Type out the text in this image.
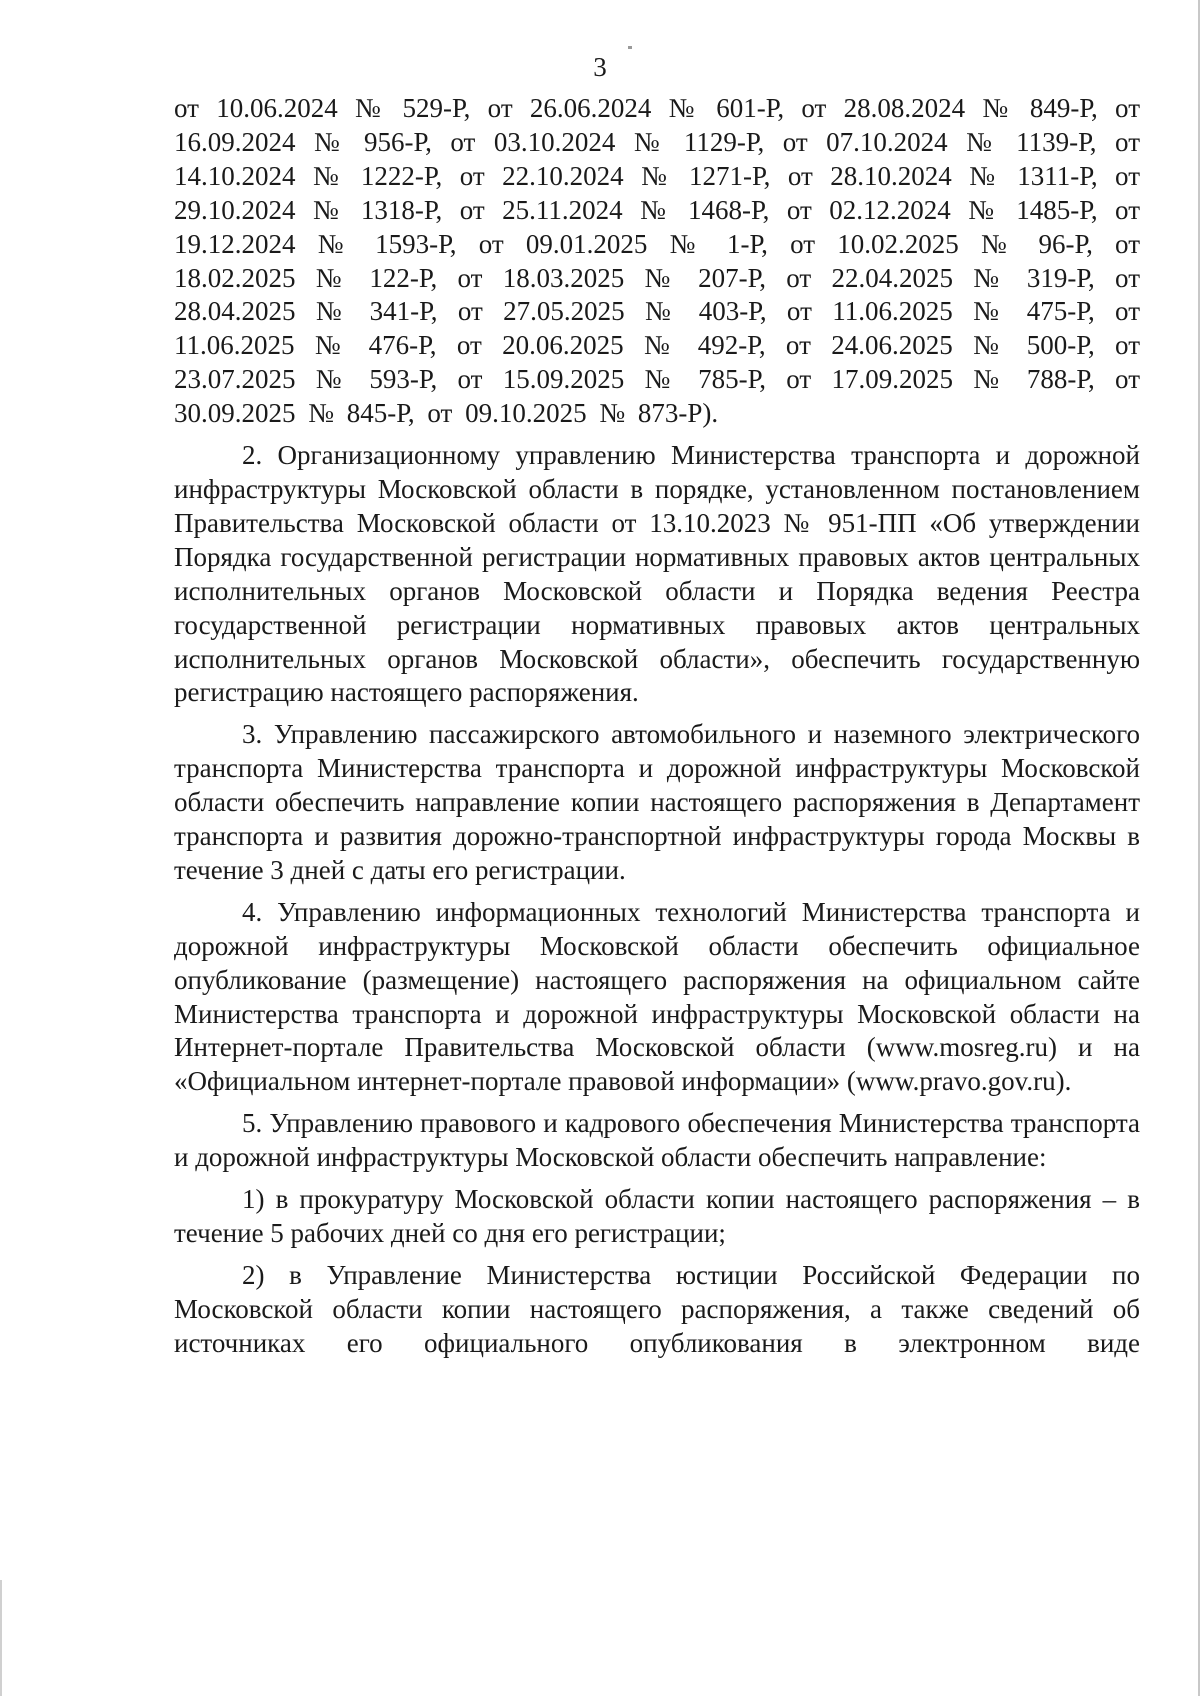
3

от 10.06.2024 № 529-Р, от 26.06.2024 № 601-Р, от 28.08.2024 № 849-Р, от 16.09.2024 № 956-Р, от 03.10.2024 № 1129-Р, от 07.10.2024 № 1139-Р, от 14.10.2024 № 1222-Р, от 22.10.2024 № 1271-Р, от 28.10.2024 № 1311-Р, от 29.10.2024 № 1318-Р, от 25.11.2024 № 1468-Р, от 02.12.2024 № 1485-Р, от 19.12.2024 № 1593-Р, от 09.01.2025 № 1-Р, от 10.02.2025 № 96-Р, от 18.02.2025 № 122-Р, от 18.03.2025 № 207-Р, от 22.04.2025 № 319-Р, от 28.04.2025 № 341-Р, от 27.05.2025 № 403-Р, от 11.06.2025 № 475-Р, от 11.06.2025 № 476-Р, от 20.06.2025 № 492-Р, от 24.06.2025 № 500-Р, от 23.07.2025 № 593-Р, от 15.09.2025 № 785-Р, от 17.09.2025 № 788-Р, от 30.09.2025 № 845-Р, от 09.10.2025 № 873-Р).

2. Организационному управлению Министерства транспорта и дорожной инфраструктуры Московской области в порядке, установленном постановлением Правительства Московской области от 13.10.2023 № 951-ПП «Об утверждении Порядка государственной регистрации нормативных правовых актов центральных исполнительных органов Московской области и Порядка ведения Реестра государственной регистрации нормативных правовых актов центральных исполнительных органов Московской области», обеспечить государственную регистрацию настоящего распоряжения.

3. Управлению пассажирского автомобильного и наземного электрического транспорта Министерства транспорта и дорожной инфраструктуры Московской области обеспечить направление копии настоящего распоряжения в Департамент транспорта и развития дорожно-транспортной инфраструктуры города Москвы в течение 3 дней с даты его регистрации.

4. Управлению информационных технологий Министерства транспорта и дорожной инфраструктуры Московской области обеспечить официальное опубликование (размещение) настоящего распоряжения на официальном сайте Министерства транспорта и дорожной инфраструктуры Московской области на Интернет-портале Правительства Московской области (www.mosreg.ru) и на «Официальном интернет-портале правовой информации» (www.pravo.gov.ru).

5. Управлению правового и кадрового обеспечения Министерства транспорта и дорожной инфраструктуры Московской области обеспечить направление:

1) в прокуратуру Московской области копии настоящего распоряжения – в течение 5 рабочих дней со дня его регистрации;

2) в Управление Министерства юстиции Российской Федерации по Московской области копии настоящего распоряжения, а также сведений об источниках его официального опубликования в электронном виде
